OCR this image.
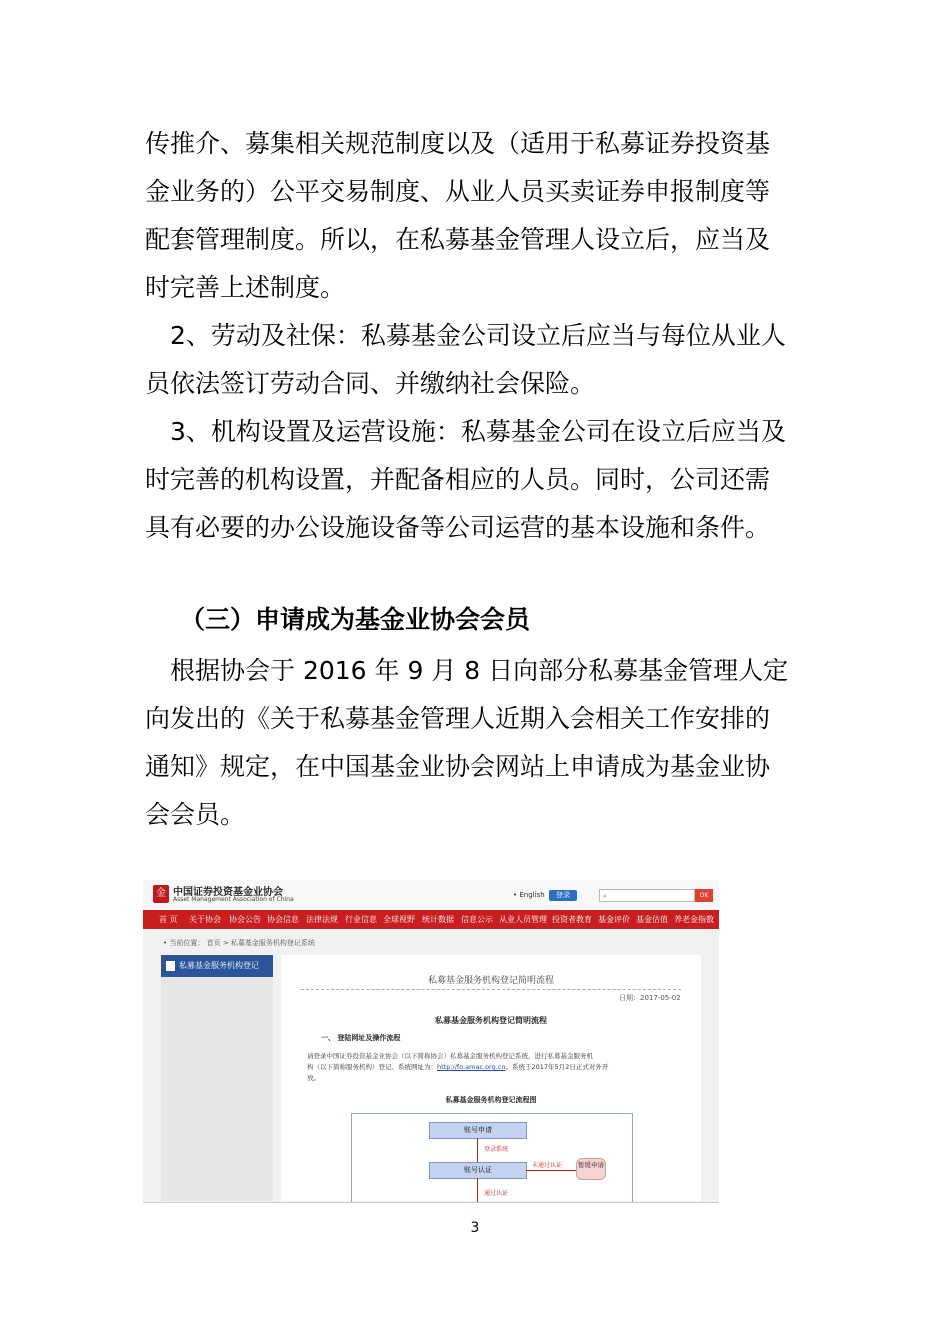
传推介、募集相关规范制度以及（适用于私募证券投资基
金业务的）公平交易制度、从业人员买卖证券申报制度等
配套管理制度。所以，在私募基金管理人设立后，应当及
时完善上述制度。
　2、劳动及社保：私募基金公司设立后应当与每位从业人
员依法签订劳动合同、并缴纳社会保险。
　3、机构设置及运营设施：私募基金公司在设立后应当及
时完善的机构设置，并配备相应的人员。同时，公司还需
具有必要的办公设施设备等公司运营的基本设施和条件。
（三）申请成为基金业协会会员
　根据协会于 2016 年 9 月 8 日向部分私募基金管理人定
向发出的《关于私募基金管理人近期入会相关工作安排的
通知》规定，在中国基金业协会网站上申请成为基金业协
会会员。
金 中国证券投资基金业协会
Asset Management Association of China
• English	登录	⌕	OK
首 页 关于协会 协会公告 协会信息 法律法规 行业信息 全球视野 统计数据 信息公示 从业人员管理 投资者教育 基金评价 基金估值 养老金指数
• 当前位置： 首页 > 私募基金服务机构登记系统
私募基金服务机构登记
私募基金服务机构登记简明流程
日期：2017-05-02
私募基金服务机构登记简明流程
一、 登陆网址及操作流程
请登录中国证券投资基金业协会（以下简称协会）私募基金服务机构登记系统，进行私募基金服务机
构（以下简称服务机构）登记。系统网址为：http://fo.amac.org.cn。系统于2017年5月2日正式对外开
放。
私募基金服务机构登记流程图
账号申请
登录系统
账号认证
未通过认证	暂缓申请
通过认证
3
